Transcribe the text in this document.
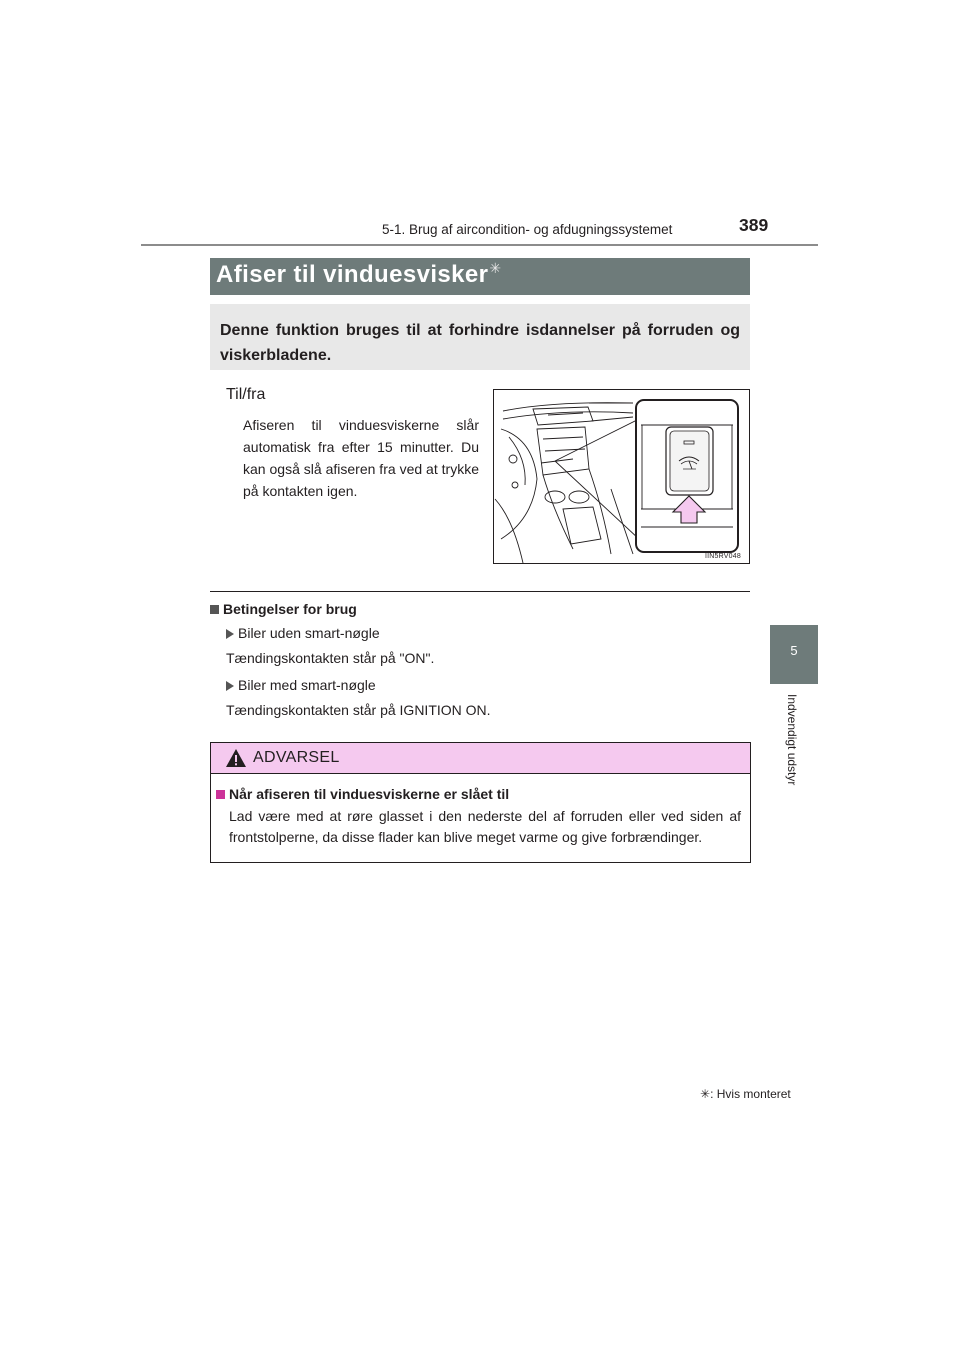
5-1. Brug af aircondition- og afdugningssystemet	389
5
Indvendigt udstyr
Afiser til vinduesvisker✳
Denne funktion bruges til at forhindre isdannelser på forruden og viskerbladene.
Til/fra
Afiseren til vinduesviskerne slår automatisk fra efter 15 minutter. Du kan også slå afiseren fra ved at trykke på kontakten igen.
IIN5RV048
Betingelser for brug
Biler uden smart-nøgle
Tændingskontakten står på "ON".
Biler med smart-nøgle
Tændingskontakten står på IGNITION ON.
ADVARSEL
Når afiseren til vinduesviskerne er slået til
Lad være med at røre glasset i den nederste del af forruden eller ved siden af frontstolperne, da disse flader kan blive meget varme og give forbrændinger.
✳: Hvis monteret
